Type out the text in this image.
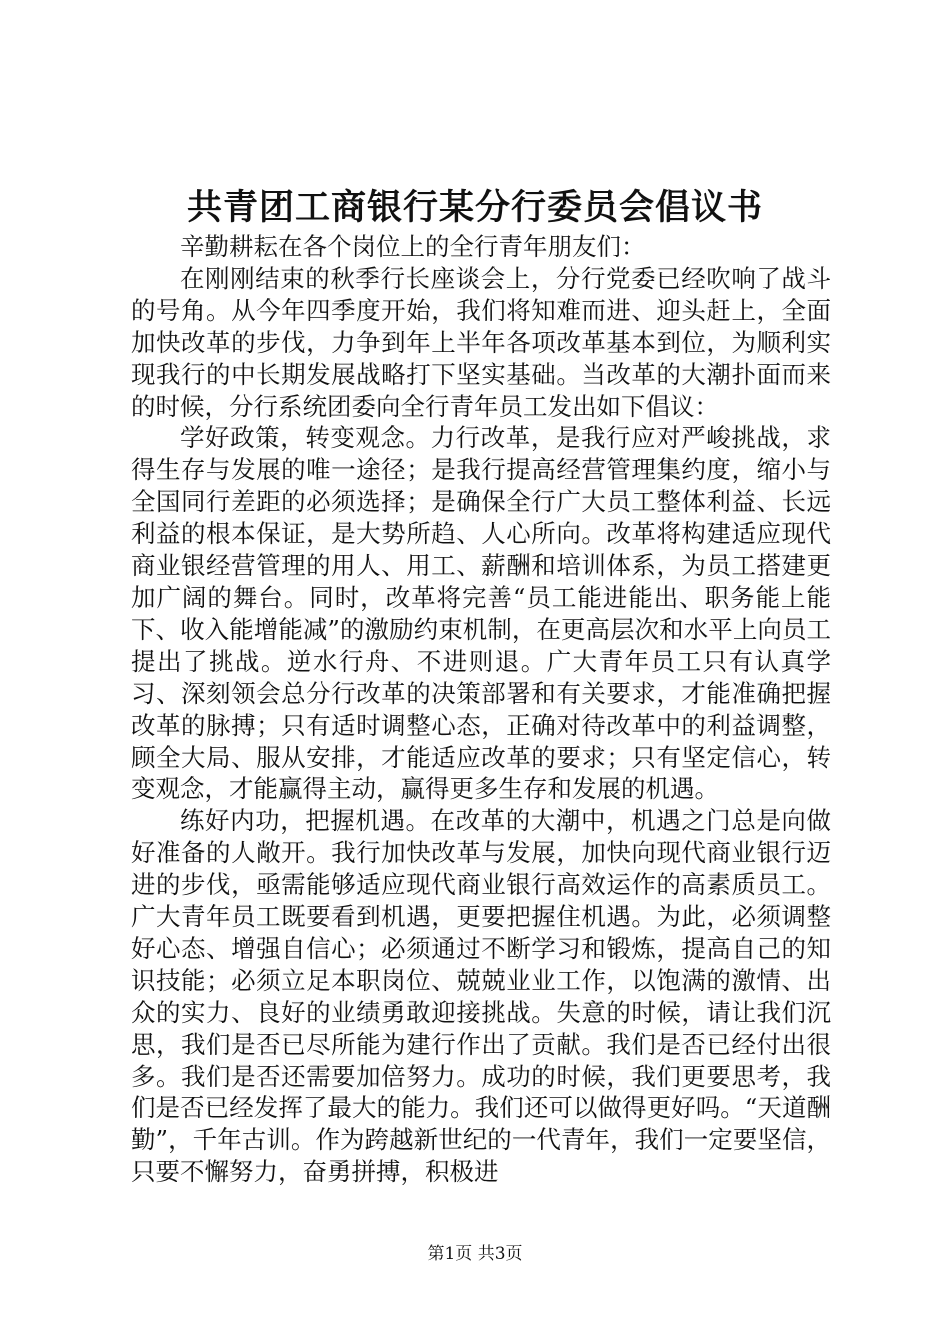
共青团工商银行某分行委员会倡议书

辛勤耕耘在各个岗位上的全行青年朋友们：

在刚刚结束的秋季行长座谈会上，分行党委已经吹响了战斗的号角。从今年四季度开始，我们将知难而进、迎头赶上，全面加快改革的步伐，力争到年上半年各项改革基本到位，为顺利实现我行的中长期发展战略打下坚实基础。当改革的大潮扑面而来的时候，分行系统团委向全行青年员工发出如下倡议：

学好政策，转变观念。力行改革，是我行应对严峻挑战，求得生存与发展的唯一途径；是我行提高经营管理集约度，缩小与全国同行差距的必须选择；是确保全行广大员工整体利益、长远利益的根本保证，是大势所趋、人心所向。改革将构建适应现代商业银经营管理的用人、用工、薪酬和培训体系，为员工搭建更加广阔的舞台。同时，改革将完善“员工能进能出、职务能上能下、收入能增能减”的激励约束机制，在更高层次和水平上向员工提出了挑战。逆水行舟、不进则退。广大青年员工只有认真学习、深刻领会总分行改革的决策部署和有关要求，才能准确把握改革的脉搏；只有适时调整心态，正确对待改革中的利益调整，顾全大局、服从安排，才能适应改革的要求；只有坚定信心，转变观念，才能赢得主动，赢得更多生存和发展的机遇。

练好内功，把握机遇。在改革的大潮中，机遇之门总是向做好准备的人敞开。我行加快改革与发展，加快向现代商业银行迈进的步伐，亟需能够适应现代商业银行高效运作的高素质员工。广大青年员工既要看到机遇，更要把握住机遇。为此，必须调整好心态、增强自信心；必须通过不断学习和锻炼，提高自己的知识技能；必须立足本职岗位、兢兢业业工作，以饱满的激情、出众的实力、良好的业绩勇敢迎接挑战。失意的时候，请让我们沉思，我们是否已尽所能为建行作出了贡献。我们是否已经付出很多。我们是否还需要加倍努力。成功的时候，我们更要思考，我们是否已经发挥了最大的能力。我们还可以做得更好吗。“天道酬勤”，千年古训。作为跨越新世纪的一代青年，我们一定要坚信，只要不懈努力，奋勇拼搏，积极进

第1页 共3页
